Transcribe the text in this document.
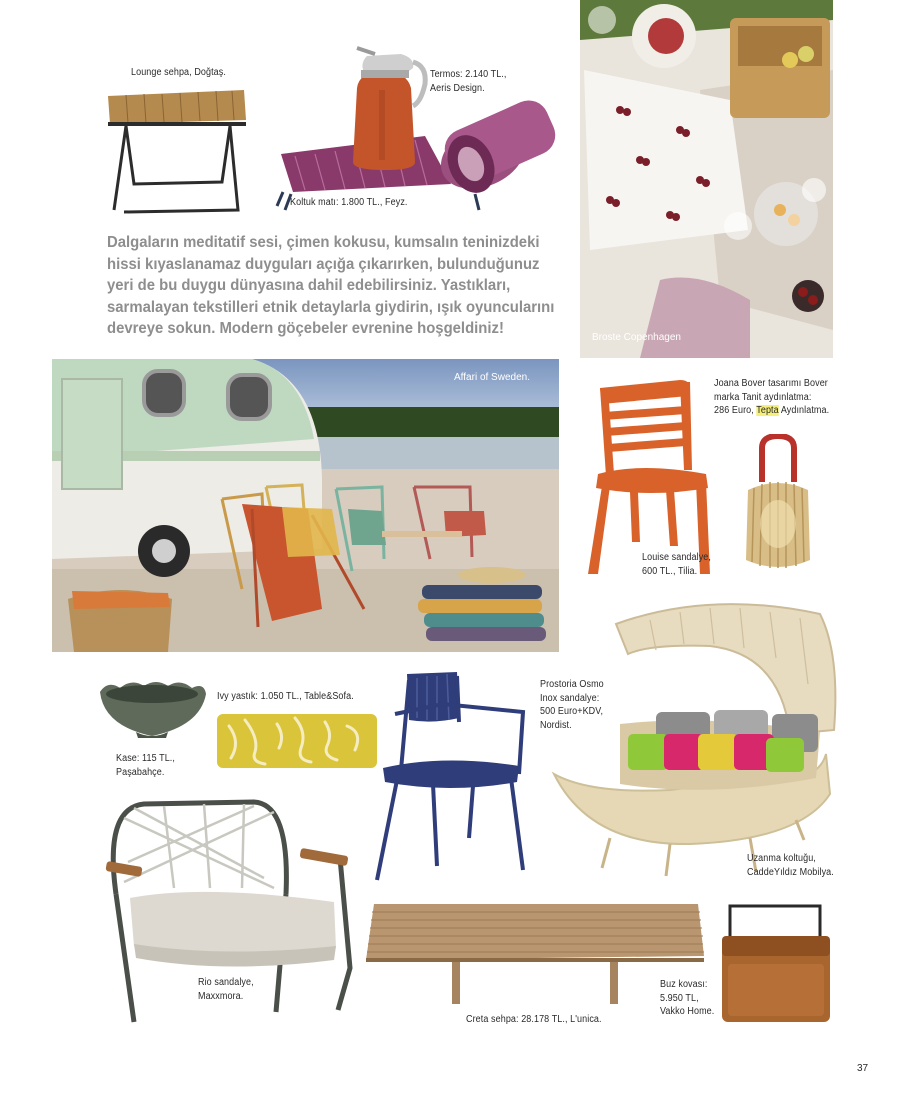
Lounge sehpa, Doğtaş.	Termos: 2.140 TL.,
Aeris Design.
Koltuk matı: 1.800 TL., Feyz.
Dalgaların meditatif sesi, çimen kokusu, kumsalın teninizdeki
hissi kıyaslanamaz duyguları açığa çıkarırken, bulunduğunuz
yeri de bu duygu dünyasına dahil edebilirsiniz. Yastıkları,
sarmalayan tekstilleri etnik detaylarla giydirin, ışık oyuncularını
devreye sokun. Modern göçebeler evrenine hoşgeldiniz!
Broste Copenhagen
Affari of Sweden.
Joana Bover tasarımı Bover
marka Tanit aydınlatma:
286 Euro, Tepta Aydınlatma.
Louise sandalye,
600 TL., Tilia.
Uzanma koltuğu,
CaddeYıldız Mobilya.
Kase: 115 TL.,
Paşabahçe.
Ivy yastık: 1.050 TL., Table&Sofa.
Prostoria Osmo
Inox sandalye:
500 Euro+KDV,
Nordist.
Rio sandalye,
Maxxmora.
Creta sehpa: 28.178 TL., L'unica.
Buz kovası:
5.950 TL,
Vakko Home.
37
